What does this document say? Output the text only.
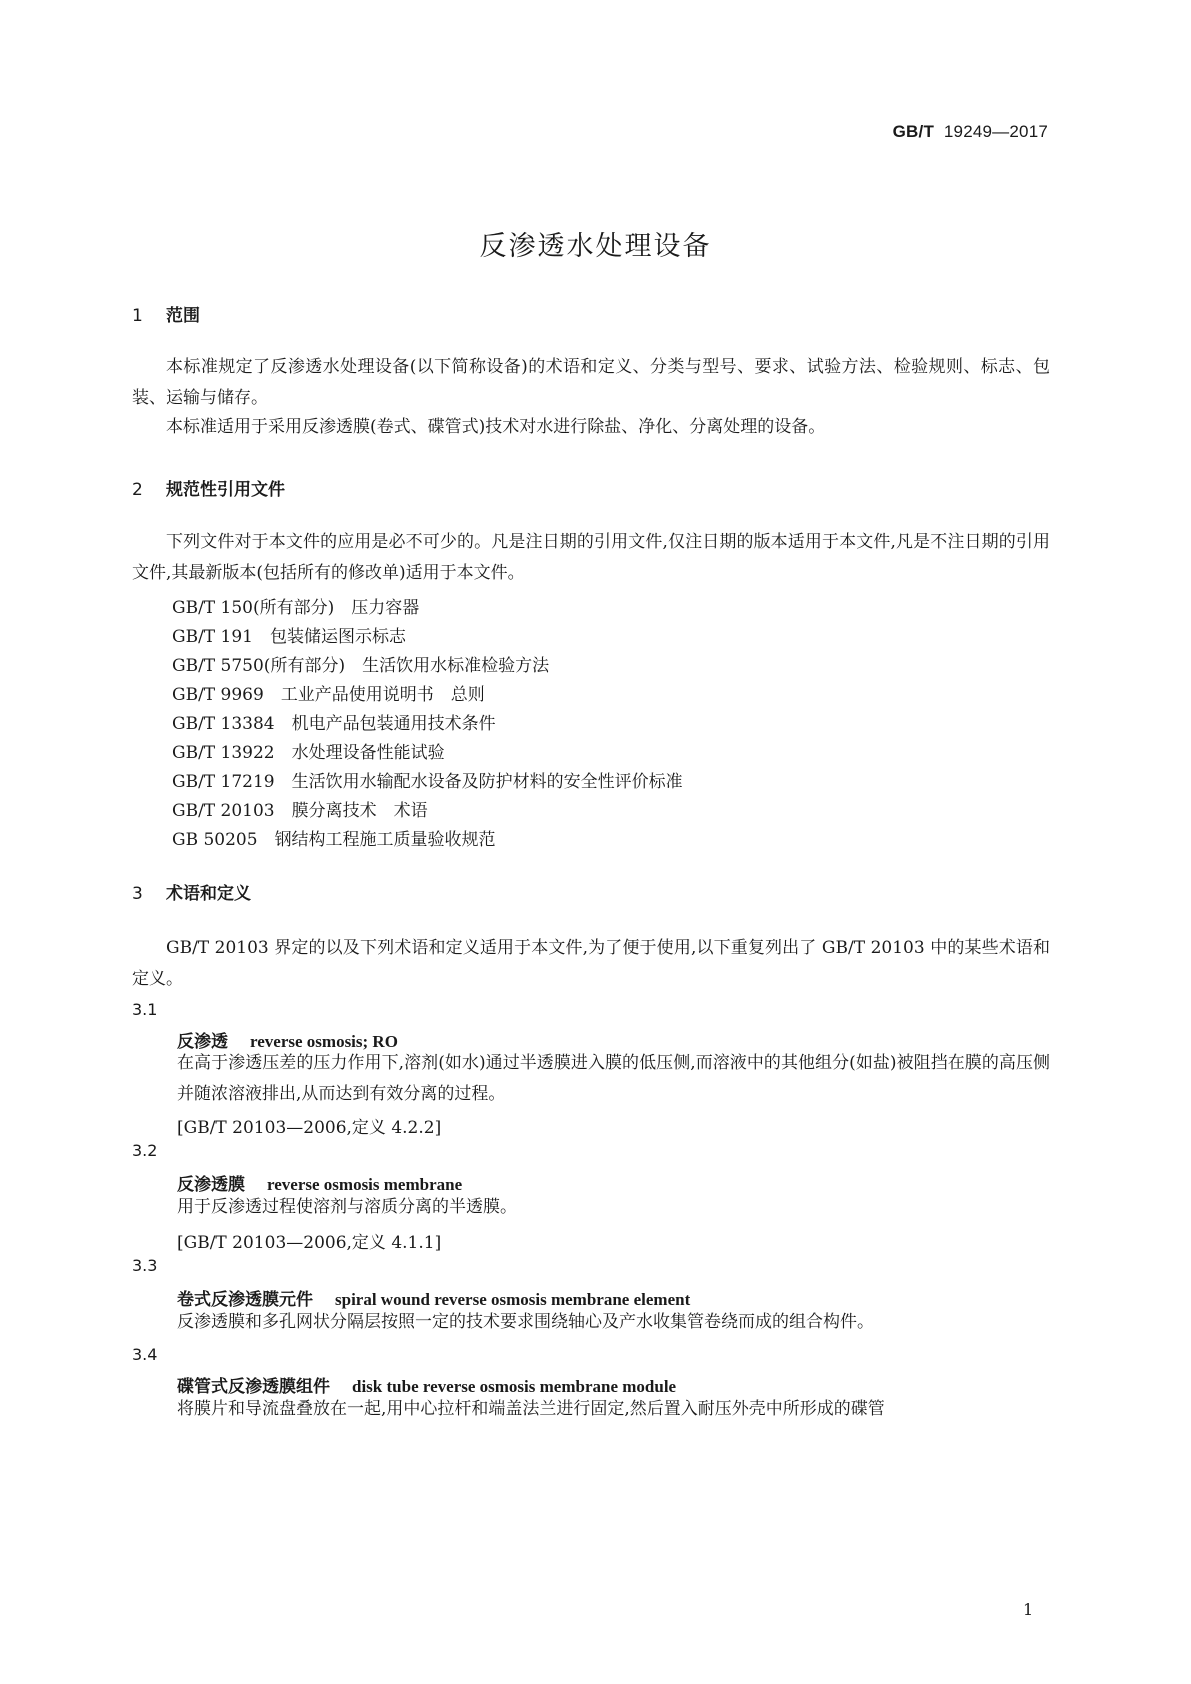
GB/T 19249—2017
反渗透水处理设备
1 范围
本标准规定了反渗透水处理设备(以下简称设备)的术语和定义、分类与型号、要求、试验方法、检验规则、标志、包装、运输与储存。
本标准适用于采用反渗透膜(卷式、碟管式)技术对水进行除盐、净化、分离处理的设备。
2 规范性引用文件
下列文件对于本文件的应用是必不可少的。凡是注日期的引用文件,仅注日期的版本适用于本文件,凡是不注日期的引用文件,其最新版本(包括所有的修改单)适用于本文件。
GB/T 150(所有部分)　 压力容器
GB/T 191　 包装储运图示标志
GB/T 5750(所有部分)　 生活饮用水标准检验方法
GB/T 9969　 工业产品使用说明书　总则
GB/T 13384　 机电产品包装通用技术条件
GB/T 13922　 水处理设备性能试验
GB/T 17219　 生活饮用水输配水设备及防护材料的安全性评价标准
GB/T 20103　 膜分离技术　术语
GB 50205　 钢结构工程施工质量验收规范
3 术语和定义
GB/T 20103 界定的以及下列术语和定义适用于本文件,为了便于使用,以下重复列出了 GB/T 20103 中的某些术语和定义。
3.1
反渗透 reverse osmosis; RO
在高于渗透压差的压力作用下,溶剂(如水)通过半透膜进入膜的低压侧,而溶液中的其他组分(如盐)被阻挡在膜的高压侧并随浓溶液排出,从而达到有效分离的过程。
[GB/T 20103—2006,定义 4.2.2]
3.2
反渗透膜 reverse osmosis membrane
用于反渗透过程使溶剂与溶质分离的半透膜。
[GB/T 20103—2006,定义 4.1.1]
3.3
卷式反渗透膜元件 spiral wound reverse osmosis membrane element
反渗透膜和多孔网状分隔层按照一定的技术要求围绕轴心及产水收集管卷绕而成的组合构件。
3.4
碟管式反渗透膜组件 disk tube reverse osmosis membrane module
将膜片和导流盘叠放在一起,用中心拉杆和端盖法兰进行固定,然后置入耐压外壳中所形成的碟管
1
